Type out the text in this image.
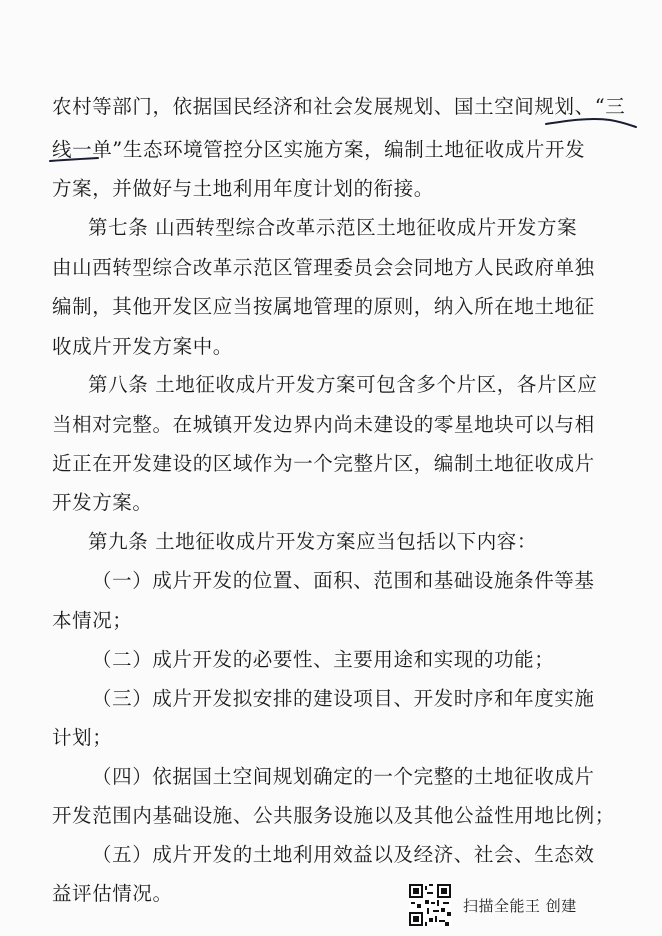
农村等部门，依据国民经济和社会发展规划、国土空间规划、“三
线一单”生态环境管控分区实施方案，编制土地征收成片开发
方案，并做好与土地利用年度计划的衔接。
第七条 山西转型综合改革示范区土地征收成片开发方案
由山西转型综合改革示范区管理委员会会同地方人民政府单独
编制，其他开发区应当按属地管理的原则，纳入所在地土地征
收成片开发方案中。
第八条 土地征收成片开发方案可包含多个片区，各片区应
当相对完整。在城镇开发边界内尚未建设的零星地块可以与相
近正在开发建设的区域作为一个完整片区，编制土地征收成片
开发方案。
第九条 土地征收成片开发方案应当包括以下内容：
（一）成片开发的位置、面积、范围和基础设施条件等基
本情况；
（二）成片开发的必要性、主要用途和实现的功能；
（三）成片开发拟安排的建设项目、开发时序和年度实施
计划；
（四）依据国土空间规划确定的一个完整的土地征收成片
开发范围内基础设施、公共服务设施以及其他公益性用地比例；
（五）成片开发的土地利用效益以及经济、社会、生态效
益评估情况。
扫描全能王 创建
